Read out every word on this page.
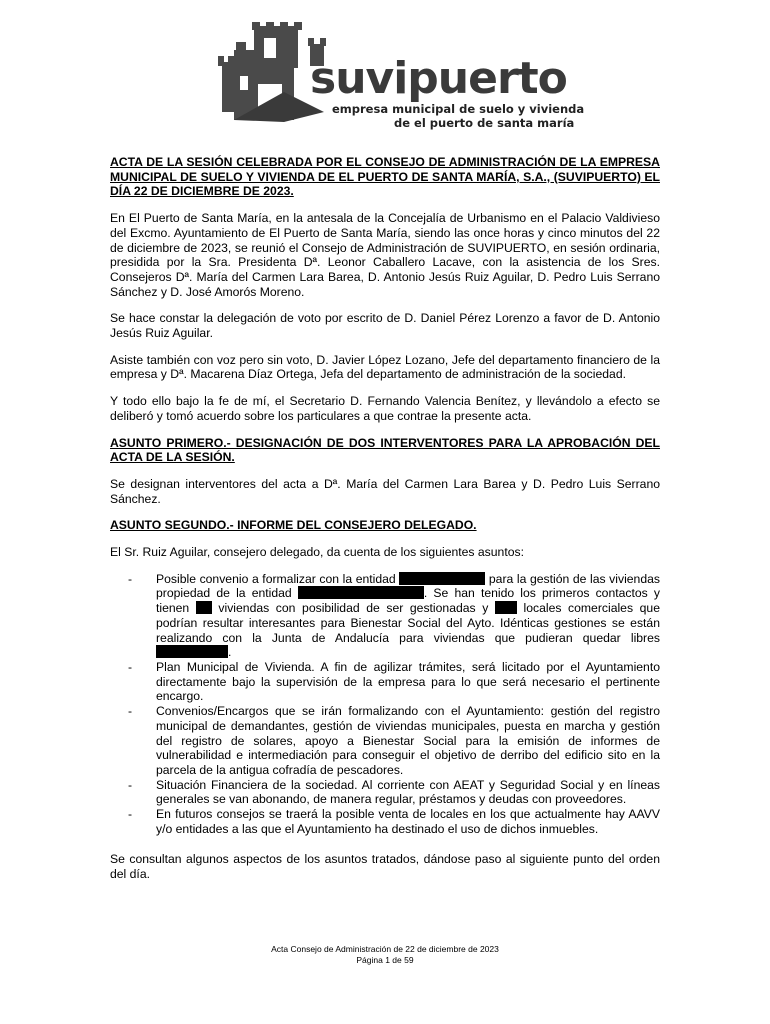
suvipuerto
empresa municipal de suelo y vivienda
de el puerto de santa maría
ACTA DE LA SESIÓN CELEBRADA POR EL CONSEJO DE ADMINISTRACIÓN DE LA EMPRESA MUNICIPAL DE SUELO Y VIVIENDA DE EL PUERTO DE SANTA MARÍA, S.A., (SUVIPUERTO) EL DÍA 22 DE DICIEMBRE DE 2023.

En El Puerto de Santa María, en la antesala de la Concejalía de Urbanismo en el Palacio Valdivieso del Excmo. Ayuntamiento de El Puerto de Santa María, siendo las once horas y cinco minutos del 22 de diciembre de 2023, se reunió el Consejo de Administración de SUVIPUERTO, en sesión ordinaria, presidida por la Sra. Presidenta Dª. Leonor Caballero Lacave, con la asistencia de los Sres. Consejeros Dª. María del Carmen Lara Barea, D. Antonio Jesús Ruiz Aguilar, D. Pedro Luis Serrano Sánchez y D. José Amorós Moreno.

Se hace constar la delegación de voto por escrito de D. Daniel Pérez Lorenzo a favor de D. Antonio Jesús Ruiz Aguilar.

Asiste también con voz pero sin voto, D. Javier López Lozano, Jefe del departamento financiero de la empresa y Dª. Macarena Díaz Ortega, Jefa del departamento de administración de la sociedad.

Y todo ello bajo la fe de mí, el Secretario D. Fernando Valencia Benítez, y llevándolo a efecto se deliberó y tomó acuerdo sobre los particulares a que contrae la presente acta.

ASUNTO PRIMERO.- DESIGNACIÓN DE DOS INTERVENTORES PARA LA APROBACIÓN DEL ACTA DE LA SESIÓN.

Se designan interventores del acta a Dª. María del Carmen Lara Barea y D. Pedro Luis Serrano Sánchez.

ASUNTO SEGUNDO.- INFORME DEL CONSEJERO DELEGADO.

El Sr. Ruiz Aguilar, consejero delegado, da cuenta de los siguientes asuntos:

- Posible convenio a formalizar con la entidad	para la gestión de las viviendas propiedad de la entidad	. Se han tenido los primeros contactos y tienen viviendas con posibilidad de ser gestionadas y	locales comerciales que podrían resultar interesantes para Bienestar Social del Ayto. Idénticas gestiones se están realizando con la Junta de Andalucía para viviendas que pudieran quedar libres .
- Plan Municipal de Vivienda. A fin de agilizar trámites, será licitado por el Ayuntamiento directamente bajo la supervisión de la empresa para lo que será necesario el pertinente encargo.
- Convenios/Encargos que se irán formalizando con el Ayuntamiento: gestión del registro municipal de demandantes, gestión de viviendas municipales, puesta en marcha y gestión del registro de solares, apoyo a Bienestar Social para la emisión de informes de vulnerabilidad e intermediación para conseguir el objetivo de derribo del edificio sito en la parcela de la antigua cofradía de pescadores.
- Situación Financiera de la sociedad. Al corriente con AEAT y Seguridad Social y en líneas generales se van abonando, de manera regular, préstamos y deudas con proveedores.
- En futuros consejos se traerá la posible venta de locales en los que actualmente hay AAVV y/o entidades a las que el Ayuntamiento ha destinado el uso de dichos inmuebles.

Se consultan algunos aspectos de los asuntos tratados, dándose paso al siguiente punto del orden del día.

Acta Consejo de Administración de 22 de diciembre de 2023
Página 1 de 59
